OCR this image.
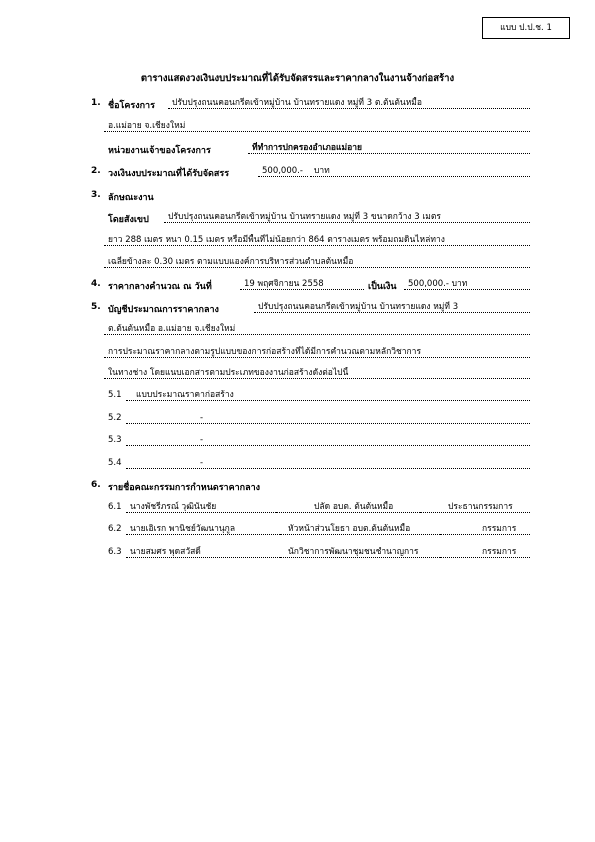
แบบ ป.ป.ช. 1
ตารางแสดงวงเงินงบประมาณที่ได้รับจัดสรรและราคากลางในงานจ้างก่อสร้าง
1. ชื่อโครงการ	ปรับปรุงถนนคอนกรีตเข้าหมู่บ้าน บ้านทรายแดง หมู่ที่ 3 ต.ต้นต้นหมื้อ
อ.แม่อาย จ.เชียงใหม่
หน่วยงานเจ้าของโครงการ	ที่ทำการปกครองอำเภอแม่อาย
2. วงเงินงบประมาณที่ได้รับจัดสรร	500,000.-	บาท
3. ลักษณะงาน
โดยสังเขป	ปรับปรุงถนนคอนกรีตเข้าหมู่บ้าน บ้านทรายแดง หมู่ที่ 3 ขนาดกว้าง 3 เมตร
ยาว 288 เมตร หนา 0.15 เมตร หรือมีพื้นที่ไม่น้อยกว่า 864 ตารางเมตร พร้อมถมดินไหล่ทาง
เฉลี่ยข้างละ 0.30 เมตร ตามแบบแองค์การบริหารส่วนตำบลต้นหมื้อ
4. ราคากลางคำนวณ ณ วันที่	19 พฤศจิกายน 2558	เป็นเงิน	500,000.- บาท
5. บัญชีประมาณการราคากลาง	ปรับปรุงถนนคอนกรีตเข้าหมู่บ้าน บ้านทรายแดง หมู่ที่ 3
ต.ต้นต้นหมื้อ อ.แม่อาย จ.เชียงใหม่
การประมาณราคากลางตามรูปแบบของการก่อสร้างที่ได้มีการคำนวณตามหลักวิชาการ
ในทางช่าง โดยแนบเอกสารตามประเภทของงานก่อสร้างดังต่อไปนี้
5.1	แบบประมาณราคาก่อสร้าง
5.2	-
5.3	-
5.4	-
6. รายชื่อคณะกรรมการกำหนดราคากลาง
6.1 นางพัชรีภรณ์ วุฒินันชัย	ปลัด อบต. ต้นต้นหมื้อ	ประธานกรรมการ
6.2 นายเอิเรก พานิชย์วัฒนานุกูล	หัวหน้าส่วนโยธา อบต.ต้นต้นหมื้อ	กรรมการ
6.3 นายสมศร พุดสวัสดิ์	นักวิชาการพัฒนาชุมชนชำนาญการ	กรรมการ
